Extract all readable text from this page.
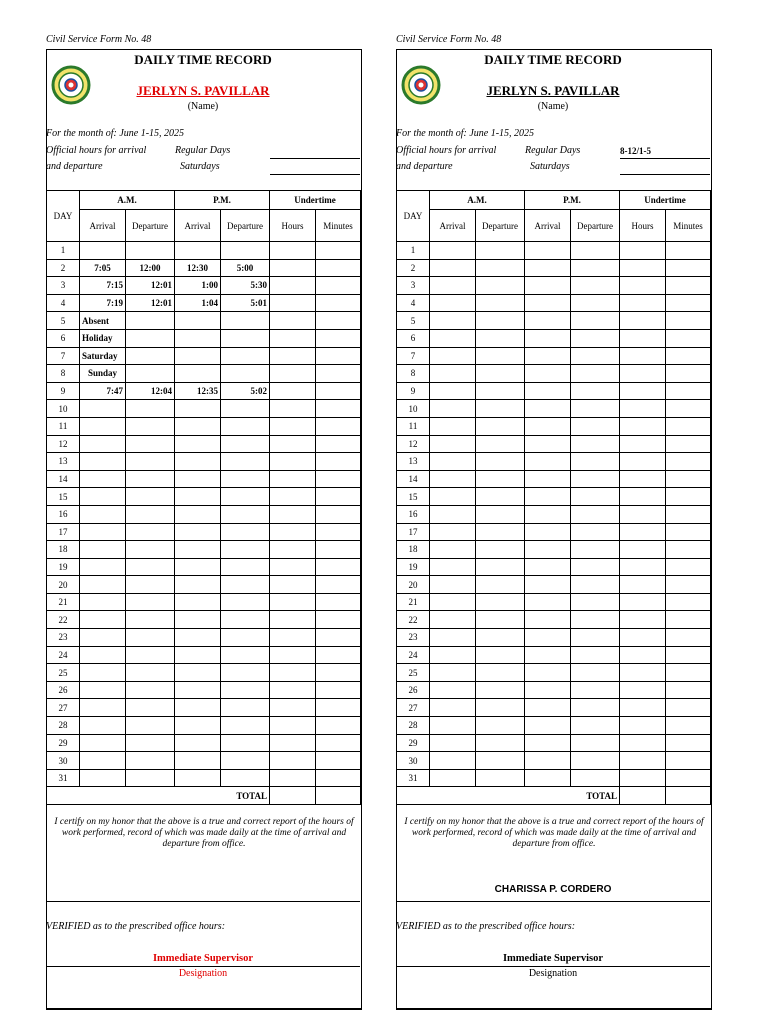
Civil Service Form No. 48
DAILY TIME RECORD
JERLYN S. PAVILLAR
(Name)
For the month of: June 1-15, 2025
Official hours for arrival	Regular Days
and departure	Saturdays
DAY	A.M.		P.M.		Undertime	
	Arrival	Departure	Arrival	Departure	Hours	Minutes
1						
2	7:05	12:00	12:30	5:00		
3	7:15	12:01	1:00	5:30		
4	7:19	12:01	1:04	5:01		
5	Absent					
6	Holiday					
7	Saturday					
8	Sunday					
9	7:47	12:04	12:35	5:02		
10						
11						
12						
13						
14						
15						
16						
17						
18						
19						
20						
21						
22						
23						
24						
25						
26						
27						
28						
29						
30						
31						
				TOTAL		
I certify on my honor that the above is a true and correct report of the hours of work performed, record of which was made daily at the time of arrival and departure from office.
VERIFIED as to the prescribed office hours:
Immediate Supervisor
Designation
Civil Service Form No. 48
DAILY TIME RECORD
JERLYN S. PAVILLAR
(Name)
For the month of: June 1-15, 2025
Official hours for arrival	Regular Days	8-12/1-5
and departure	Saturdays
DAY	A.M.		P.M.		Undertime	
	Arrival	Departure	Arrival	Departure	Hours	Minutes
1						
2						
3						
4						
5						
6						
7						
8						
9						
10						
11						
12						
13						
14						
15						
16						
17						
18						
19						
20						
21						
22						
23						
24						
25						
26						
27						
28						
29						
30						
31						
				TOTAL		
I certify on my honor that the above is a true and correct report of the hours of work performed, record of which was made daily at the time of arrival and departure from office.
CHARISSA P. CORDERO
VERIFIED as to the prescribed office hours:
Immediate Supervisor
Designation
